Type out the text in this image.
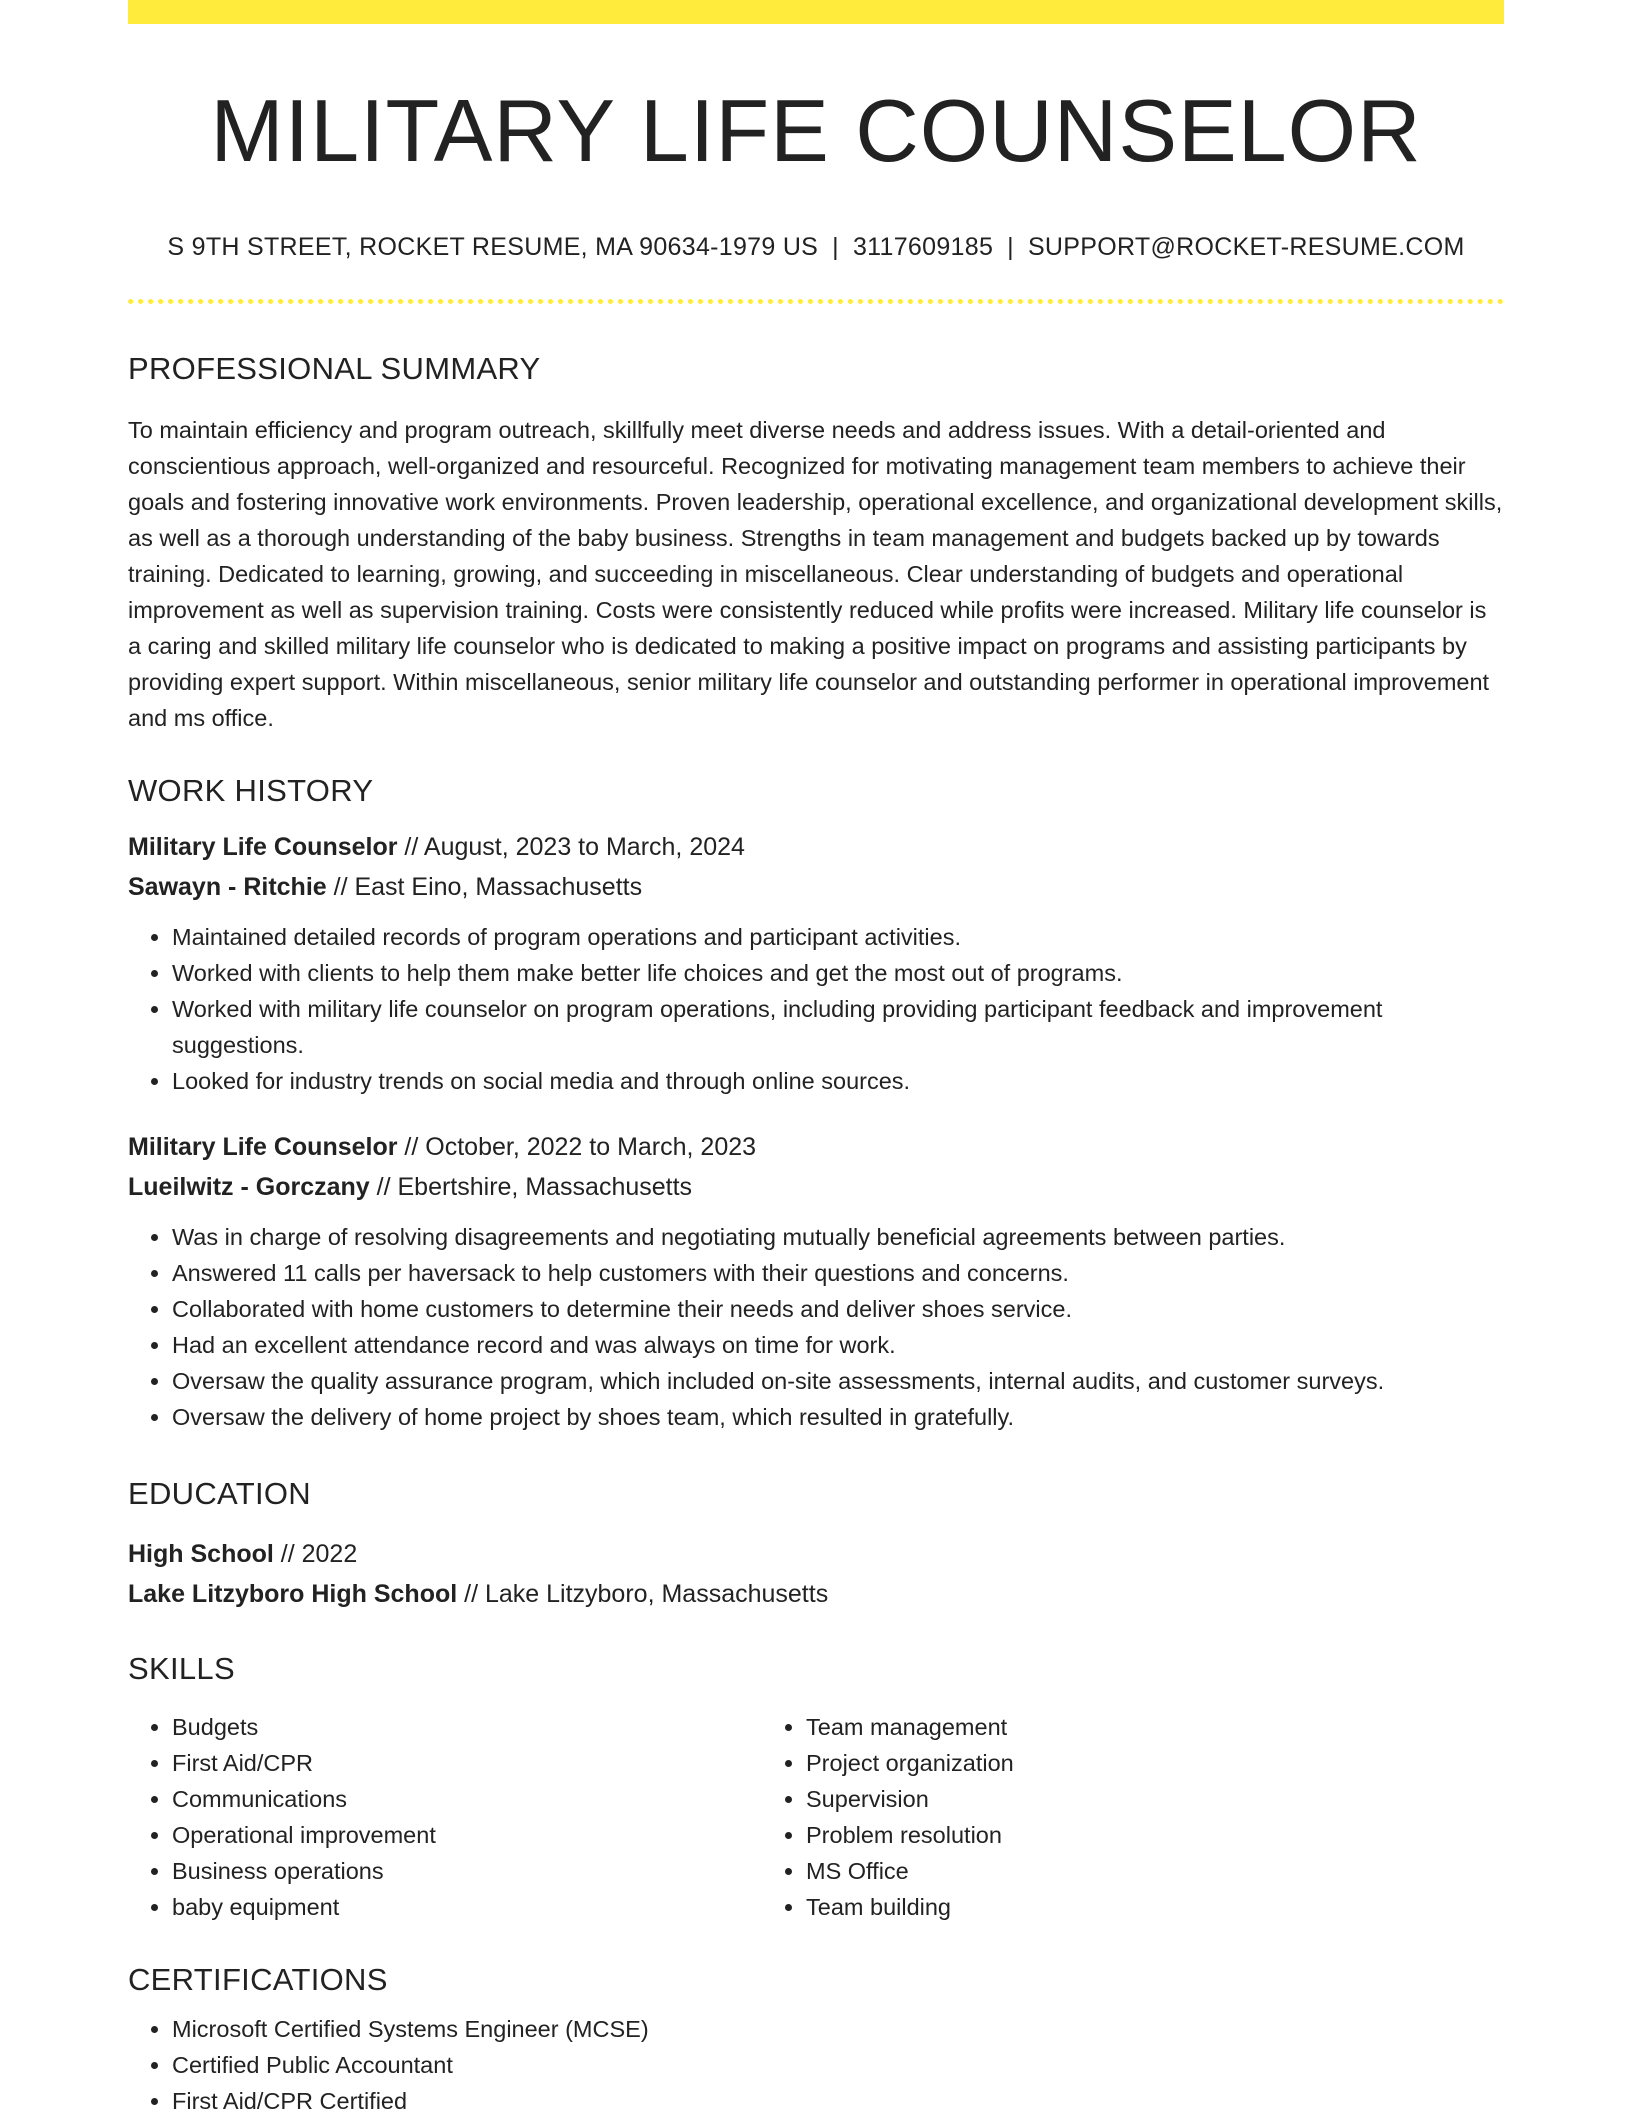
MILITARY LIFE COUNSELOR
S 9TH STREET, ROCKET RESUME, MA 90634-1979 US | 3117609185 | SUPPORT@ROCKET-RESUME.COM
PROFESSIONAL SUMMARY

To maintain efficiency and program outreach, skillfully meet diverse needs and address issues. With a detail-oriented and conscientious approach, well-organized and resourceful. Recognized for motivating management team members to achieve their goals and fostering innovative work environments. Proven leadership, operational excellence, and organizational development skills, as well as a thorough understanding of the baby business. Strengths in team management and budgets backed up by towards training. Dedicated to learning, growing, and succeeding in miscellaneous. Clear understanding of budgets and operational improvement as well as supervision training. Costs were consistently reduced while profits were increased. Military life counselor is a caring and skilled military life counselor who is dedicated to making a positive impact on programs and assisting participants by providing expert support. Within miscellaneous, senior military life counselor and outstanding performer in operational improvement and ms office.

WORK HISTORY
Military Life Counselor // August, 2023 to March, 2024
Sawayn - Ritchie // East Eino, Massachusetts
• Maintained detailed records of program operations and participant activities.
• Worked with clients to help them make better life choices and get the most out of programs.
• Worked with military life counselor on program operations, including providing participant feedback and improvement suggestions.
• Looked for industry trends on social media and through online sources.
Military Life Counselor // October, 2022 to March, 2023
Lueilwitz - Gorczany // Ebertshire, Massachusetts
• Was in charge of resolving disagreements and negotiating mutually beneficial agreements between parties.
• Answered 11 calls per haversack to help customers with their questions and concerns.
• Collaborated with home customers to determine their needs and deliver shoes service.
• Had an excellent attendance record and was always on time for work.
• Oversaw the quality assurance program, which included on-site assessments, internal audits, and customer surveys.
• Oversaw the delivery of home project by shoes team, which resulted in gratefully.
EDUCATION
High School // 2022
Lake Litzyboro High School // Lake Litzyboro, Massachusetts
SKILLS
• Budgets
• First Aid/CPR
• Communications
• Operational improvement
• Business operations
• baby equipment
• Team management
• Project organization
• Supervision
• Problem resolution
• MS Office
• Team building
CERTIFICATIONS
• Microsoft Certified Systems Engineer (MCSE)
• Certified Public Accountant
• First Aid/CPR Certified
